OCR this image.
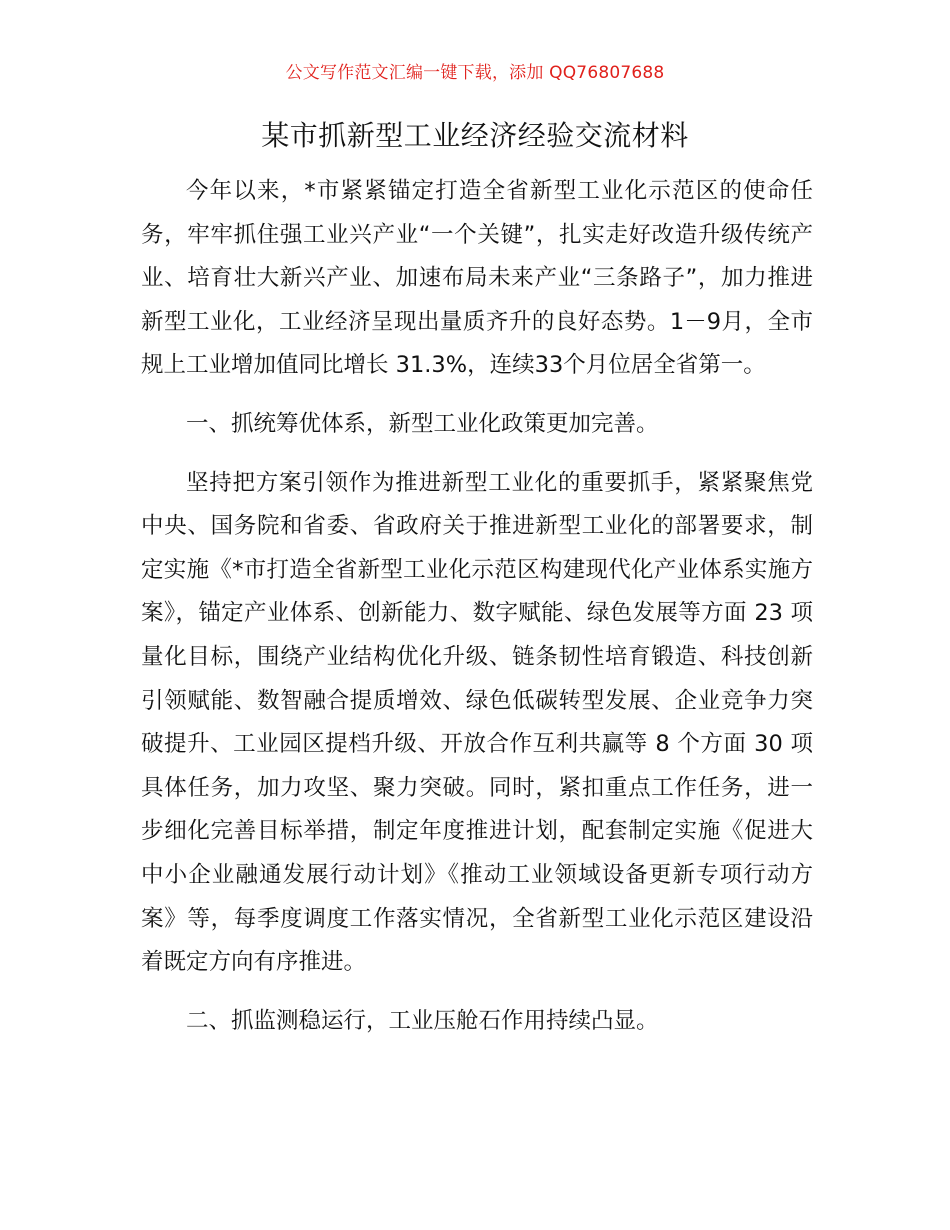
公文写作范文汇编一键下载，添加 QQ76807688
某市抓新型工业经济经验交流材料

今年以来，*市紧紧锚定打造全省新型工业化示范区的使命任务，牢牢抓住强工业兴产业“一个关键”，扎实走好改造升级传统产业、培育壮大新兴产业、加速布局未来产业“三条路子”，加力推进新型工业化，工业经济呈现出量质齐升的良好态势。1－9月，全市规上工业增加值同比增长 31.3%，连续33个月位居全省第一。

一、抓统筹优体系，新型工业化政策更加完善。

坚持把方案引领作为推进新型工业化的重要抓手，紧紧聚焦党中央、国务院和省委、省政府关于推进新型工业化的部署要求，制定实施《*市打造全省新型工业化示范区构建现代化产业体系实施方案》，锚定产业体系、创新能力、数字赋能、绿色发展等方面 23 项量化目标，围绕产业结构优化升级、链条韧性培育锻造、科技创新引领赋能、数智融合提质增效、绿色低碳转型发展、企业竞争力突破提升、工业园区提档升级、开放合作互利共赢等 8 个方面 30 项具体任务，加力攻坚、聚力突破。同时，紧扣重点工作任务，进一步细化完善目标举措，制定年度推进计划，配套制定实施《促进大中小企业融通发展行动计划》《推动工业领域设备更新专项行动方案》等，每季度调度工作落实情况，全省新型工业化示范区建设沿着既定方向有序推进。

二、抓监测稳运行，工业压舱石作用持续凸显。
